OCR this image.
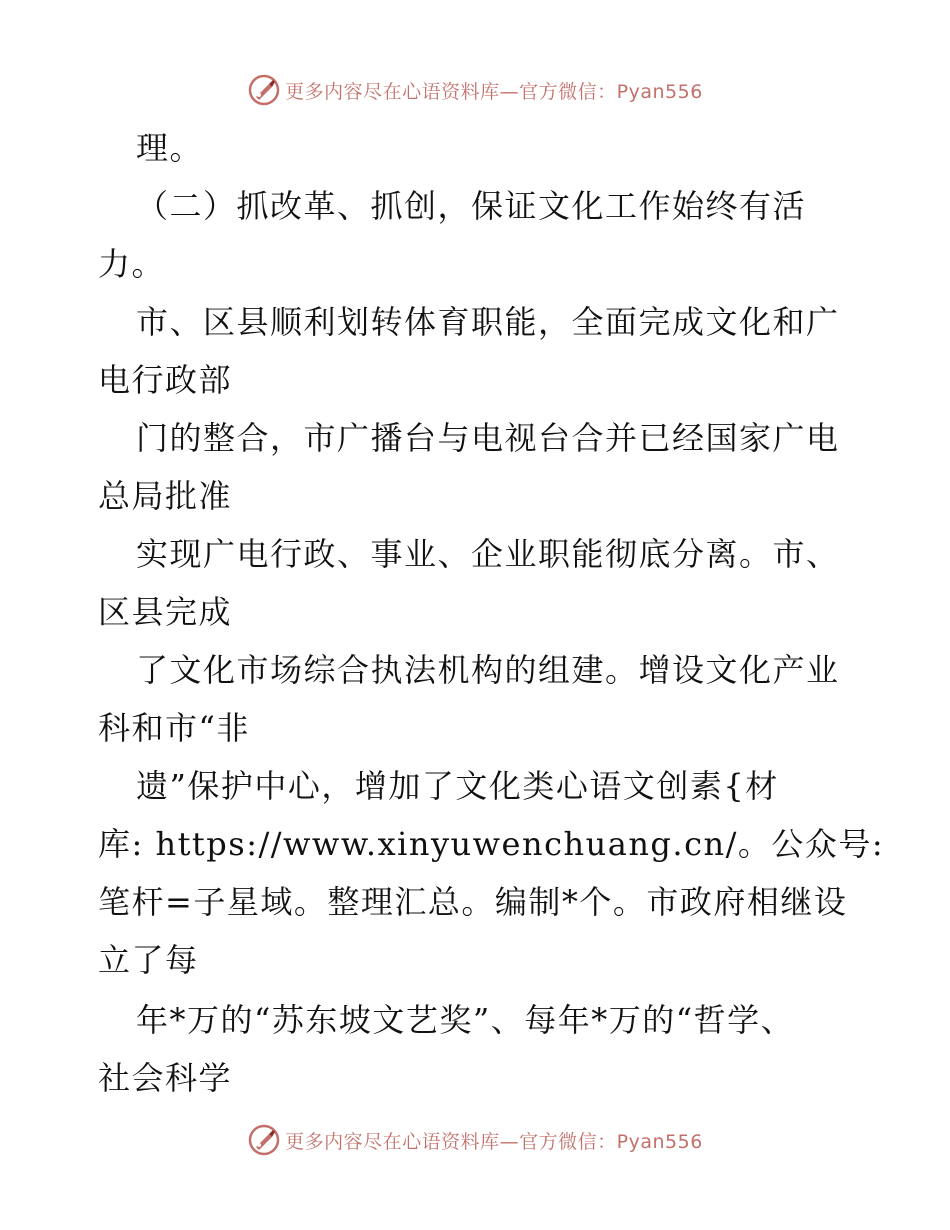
更多内容尽在心语资料库—官方微信：Pyan556
理。
（二）抓改革、抓创，保证文化工作始终有活
力。
市、区县顺利划转体育职能，全面完成文化和广
电行政部
门的整合，市广播台与电视台合并已经国家广电
总局批准
实现广电行政、事业、企业职能彻底分离。市、
区县完成
了文化市场综合执法机构的组建。增设文化产业
科和市“非
遗”保护中心，增加了文化类心语文创素{材
库: https://www.xinyuwenchuang.cn/。公众号:
笔杆=子星域。整理汇总。编制*个。市政府相继设
立了每
年*万的“苏东坡文艺奖”、每年*万的“哲学、
社会科学
更多内容尽在心语资料库—官方微信：Pyan556
